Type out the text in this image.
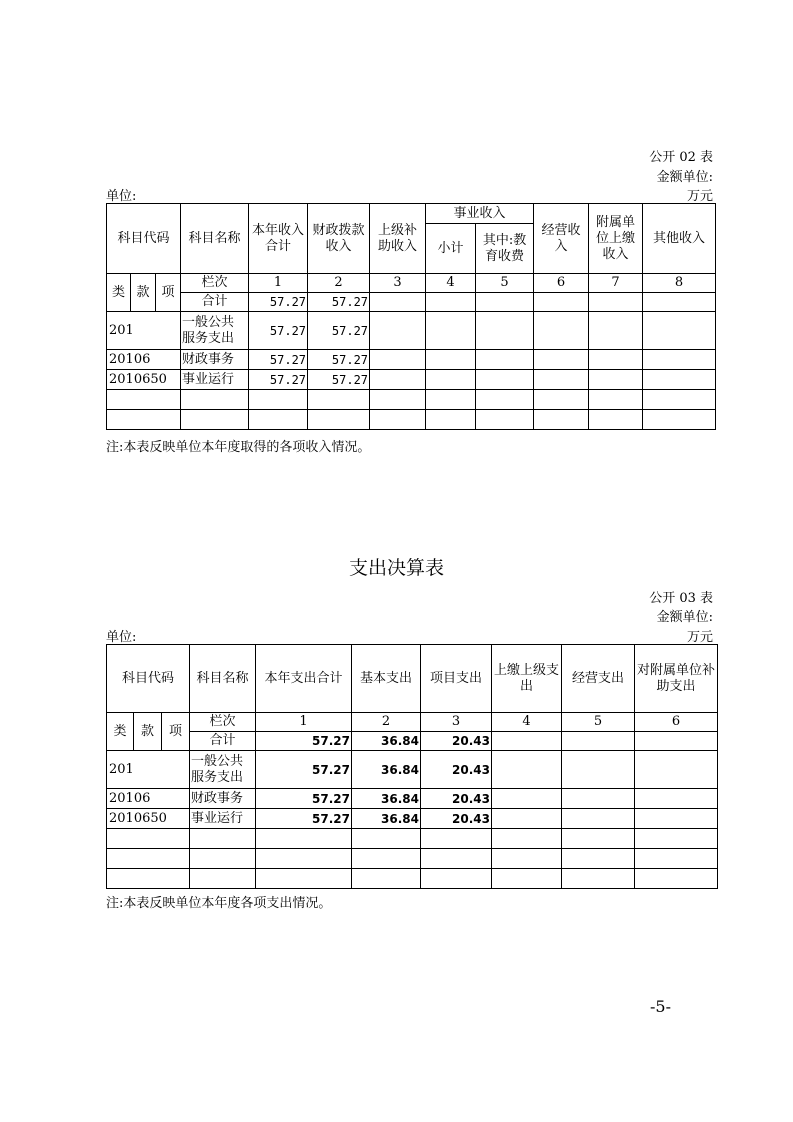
公开 02 表
金额单位:
单位:	万元
科目代码			科目名称	本年收入合计	财政拨款收入	上级补助收入	事业收入		经营收入	附属单位上缴收入	其他收入
							小计	其中:教育收费			
类	款	项	栏次	1	2	3	4	5	6	7	8
			合计	57.27	57.27						
201			一般公共服务支出	57.27	57.27						
20106			财政事务	57.27	57.27						
2010650			事业运行	57.27	57.27						

注:本表反映单位本年度取得的各项收入情况。
支出决算表
公开 03 表
金额单位:
单位:	万元
科目代码			科目名称	本年支出合计	基本支出	项目支出	上缴上级支出	经营支出	对附属单位补助支出
类	款	项	栏次	1	2	3	4	5	6
			合计	57.27	36.84	20.43			
201			一般公共服务支出	57.27	36.84	20.43			
20106			财政事务	57.27	36.84	20.43			
2010650			事业运行	57.27	36.84	20.43			

注:本表反映单位本年度各项支出情况。
-5-
